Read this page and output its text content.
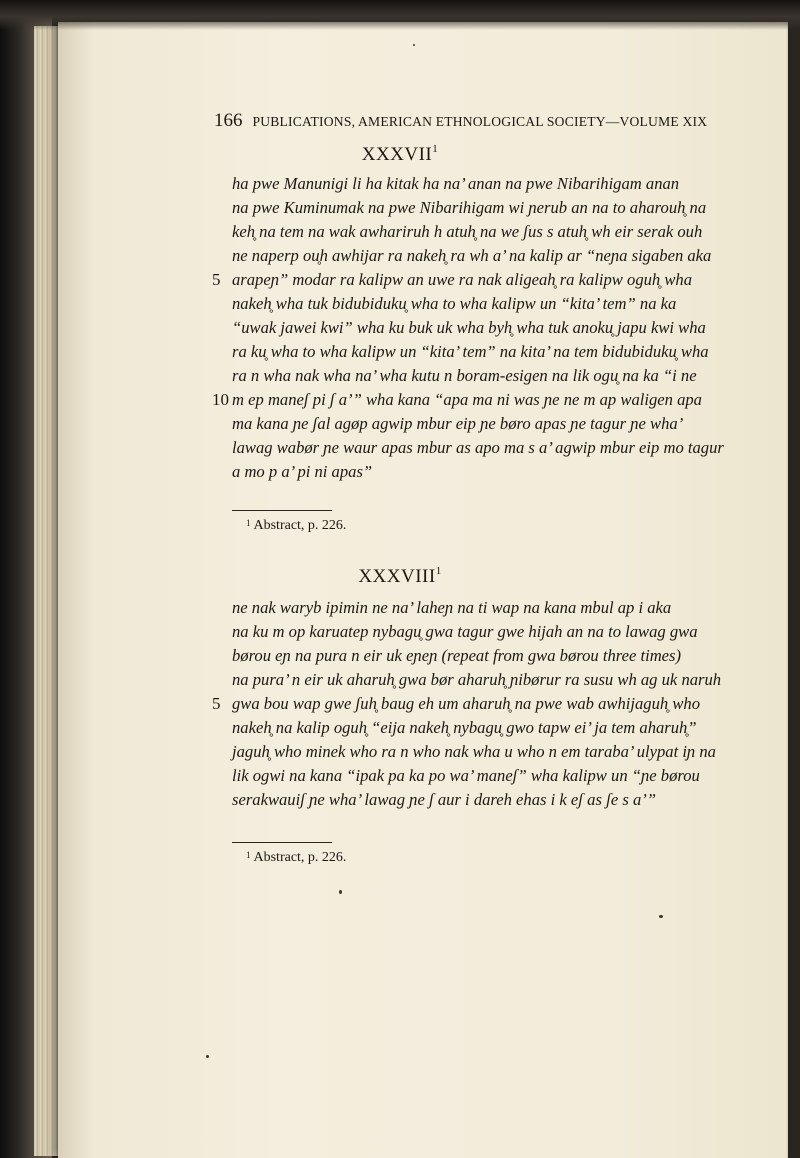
166 PUBLICATIONS, AMERICAN ETHNOLOGICAL SOCIETY—VOLUME XIX
XXXVII$^1$
ha pwe Manunigi li ha kitak ha na’ anan na pwe Nibarihigam anan
na pwe Kuminumak na pwe Nibarihigam wi ɲerub an na to aharouh̥ na
keh̥ na tem na wak awhariruh h atuh̥ na we ʃus s atuh̥ wh eir serak ouh
ne naperp ou̥h awhijar ra nakeh̥ ra wh a’ na kalip ar “neɲa sigaben aka
5 arapeɲ” modar ra kalipw an uwe ra nak aligeah̥ ra kalipw oguh̥ wha
nakeh̥ wha tuk bidubiduku̥ wha to wha kalipw un “kita’ tem” na ka
“uwak jawei kwi” wha ku buk uk wha byh̥ wha tuk anoku̥ japu kwi wha
ra ku̥ wha to wha kalipw un “kita’ tem” na kita’ na tem bidubiduku̥ wha
ra n wha nak wha na’ wha kutu n boram-esigen na lik ogu̥ na ka “i ne
10 m ep maneʃ pi ʃ a’” wha kana “apa ma ni was ɲe ne m ap waligen apa
ma kana ɲe ʃal agøp agwip mbur eip ɲe børo apas ɲe tagur ɲe wha’
lawag wabør ɲe waur apas mbur as apo ma s a’ agwip mbur eip mo tagur
a mo p a’ pi ni apas”
$^1$ Abstract, p. 226.
XXXVIII$^1$
ne nak waryb ipimin ne na’ laheɲ na ti wap na kana mbul ap i aka
na ku m op karuatep nybagu̥ gwa tagur gwe hijah an na to lawag gwa
børou eɲ na pura n eir uk eɲeɲ (repeat from gwa børou three times)
na pura’ n eir uk aharuh̥ gwa bør aharuh̥ ɲibørur ra susu wh ag uk naruh
5 gwa bou wap gwe ʃuh̥ baug eh um aharuh̥ na pwe wab awhijaguh̥ who
nakeh̥ na kalip oguh̥ “eija nakeh̥ nybagu̥ gwo tapw ei’ ja tem aharuh̥”
jaguh̥ who minek who ra n who nak wha u who n em taraba’ ulypat iɲ na
lik ogwi na kana “ipak pa ka po wa’ maneʃ” wha kalipw un “ɲe børou
serakwauiʃ ɲe wha’ lawag ɲe ʃ aur i dareh ehas i k eʃ as ʃe s a’”
$^1$ Abstract, p. 226.
